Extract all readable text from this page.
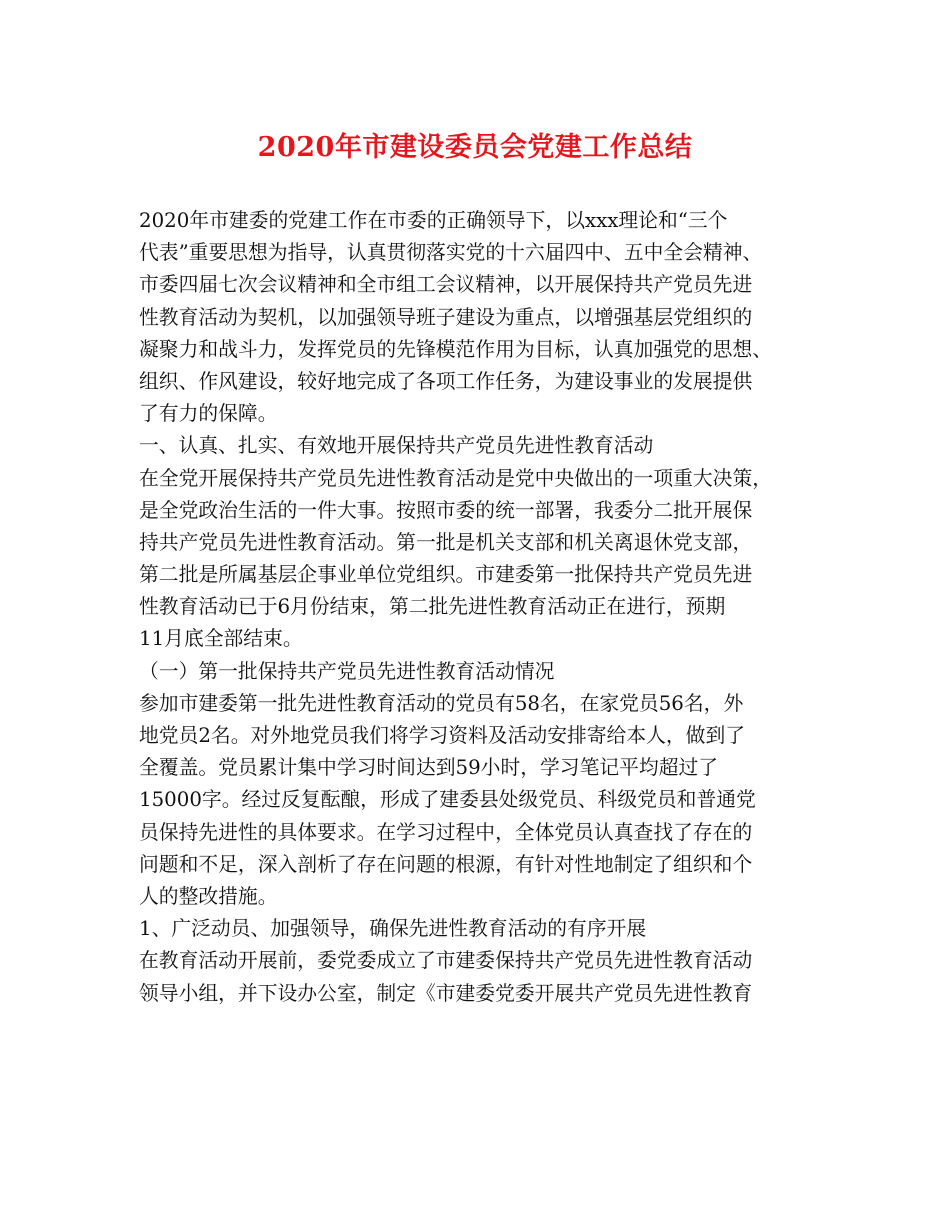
2020年市建设委员会党建工作总结
2020年市建委的党建工作在市委的正确领导下，以xxx理论和“三个
代表”重要思想为指导，认真贯彻落实党的十六届四中、五中全会精神、
市委四届七次会议精神和全市组工会议精神，以开展保持共产党员先进
性教育活动为契机，以加强领导班子建设为重点，以增强基层党组织的
凝聚力和战斗力，发挥党员的先锋模范作用为目标，认真加强党的思想、
组织、作风建设，较好地完成了各项工作任务，为建设事业的发展提供
了有力的保障。
一、认真、扎实、有效地开展保持共产党员先进性教育活动
在全党开展保持共产党员先进性教育活动是党中央做出的一项重大决策，
是全党政治生活的一件大事。按照市委的统一部署，我委分二批开展保
持共产党员先进性教育活动。第一批是机关支部和机关离退休党支部，
第二批是所属基层企事业单位党组织。市建委第一批保持共产党员先进
性教育活动已于6月份结束，第二批先进性教育活动正在进行，预期
11月底全部结束。
（一）第一批保持共产党员先进性教育活动情况
参加市建委第一批先进性教育活动的党员有58名，在家党员56名，外
地党员2名。对外地党员我们将学习资料及活动安排寄给本人，做到了
全覆盖。党员累计集中学习时间达到59小时，学习笔记平均超过了
15000字。经过反复酝酿，形成了建委县处级党员、科级党员和普通党
员保持先进性的具体要求。在学习过程中，全体党员认真查找了存在的
问题和不足，深入剖析了存在问题的根源，有针对性地制定了组织和个
人的整改措施。
1、广泛动员、加强领导，确保先进性教育活动的有序开展
在教育活动开展前，委党委成立了市建委保持共产党员先进性教育活动
领导小组，并下设办公室，制定《市建委党委开展共产党员先进性教育
